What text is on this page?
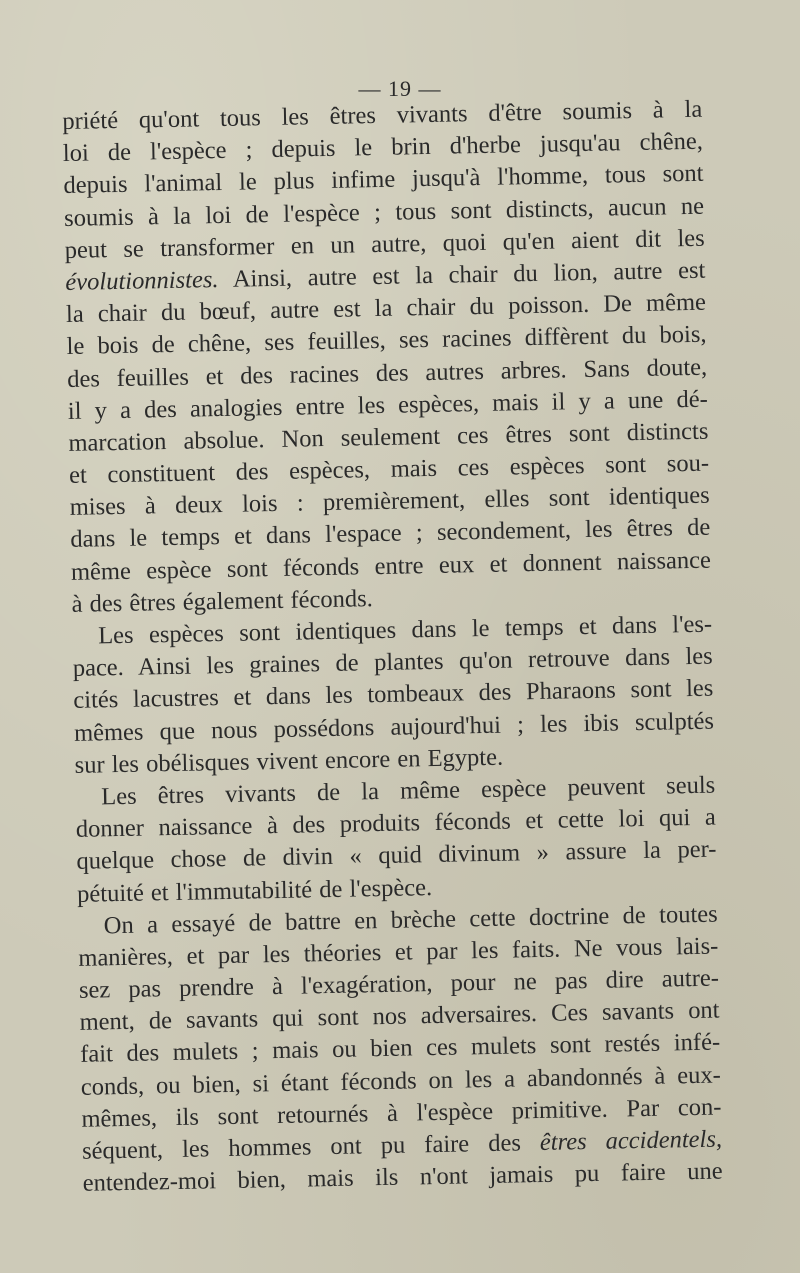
— 19 —
priété qu'ont tous les êtres vivants d'être soumis à la
loi de l'espèce ; depuis le brin d'herbe jusqu'au chêne,
depuis l'animal le plus infime jusqu'à l'homme, tous sont
soumis à la loi de l'espèce ; tous sont distincts, aucun ne
peut se transformer en un autre, quoi qu'en aient dit les
évolutionnistes. Ainsi, autre est la chair du lion, autre est
la chair du bœuf, autre est la chair du poisson. De même
le bois de chêne, ses feuilles, ses racines diffèrent du bois,
des feuilles et des racines des autres arbres. Sans doute,
il y a des analogies entre les espèces, mais il y a une dé-
marcation absolue. Non seulement ces êtres sont distincts
et constituent des espèces, mais ces espèces sont sou-
mises à deux lois : premièrement, elles sont identiques
dans le temps et dans l'espace ; secondement, les êtres de
même espèce sont féconds entre eux et donnent naissance
à des êtres également féconds.
Les espèces sont identiques dans le temps et dans l'es-
pace. Ainsi les graines de plantes qu'on retrouve dans les
cités lacustres et dans les tombeaux des Pharaons sont les
mêmes que nous possédons aujourd'hui ; les ibis sculptés
sur les obélisques vivent encore en Egypte.
Les êtres vivants de la même espèce peuvent seuls
donner naissance à des produits féconds et cette loi qui a
quelque chose de divin « quid divinum » assure la per-
pétuité et l'immutabilité de l'espèce.
On a essayé de battre en brèche cette doctrine de toutes
manières, et par les théories et par les faits. Ne vous lais-
sez pas prendre à l'exagération, pour ne pas dire autre-
ment, de savants qui sont nos adversaires. Ces savants ont
fait des mulets ; mais ou bien ces mulets sont restés infé-
conds, ou bien, si étant féconds on les a abandonnés à eux-
mêmes, ils sont retournés à l'espèce primitive. Par con-
séquent, les hommes ont pu faire des êtres accidentels,
entendez-moi bien, mais ils n'ont jamais pu faire une
